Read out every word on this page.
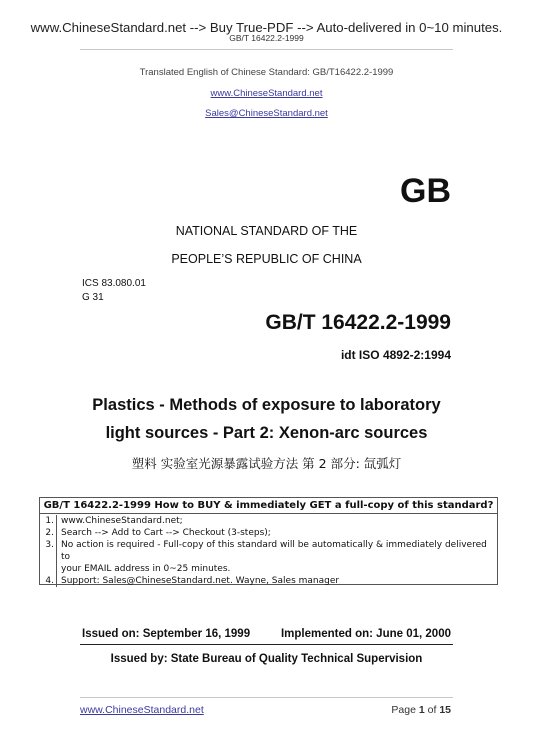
www.ChineseStandard.net --> Buy True-PDF --> Auto-delivered in 0~10 minutes.
GB/T 16422.2-1999
Translated English of Chinese Standard: GB/T16422.2-1999
www.ChineseStandard.net
Sales@ChineseStandard.net
GB
NATIONAL STANDARD OF THE
PEOPLE’S REPUBLIC OF CHINA
ICS 83.080.01
G 31
GB/T 16422.2-1999
idt ISO 4892-2:1994
Plastics - Methods of exposure to laboratory
light sources - Part 2: Xenon-arc sources
塑料 实验室光源暴露试验方法 第 2 部分: 氙弧灯
GB/T 16422.2-1999 How to BUY & immediately GET a full-copy of this standard?
1. www.ChineseStandard.net;
2. Search --> Add to Cart --> Checkout (3-steps);
3. No action is required - Full-copy of this standard will be automatically & immediately delivered to
your EMAIL address in 0~25 minutes.
4. Support: Sales@ChineseStandard.net. Wayne, Sales manager
Issued on: September 16, 1999	Implemented on: June 01, 2000
Issued by: State Bureau of Quality Technical Supervision
www.ChineseStandard.net	Page 1 of 15
